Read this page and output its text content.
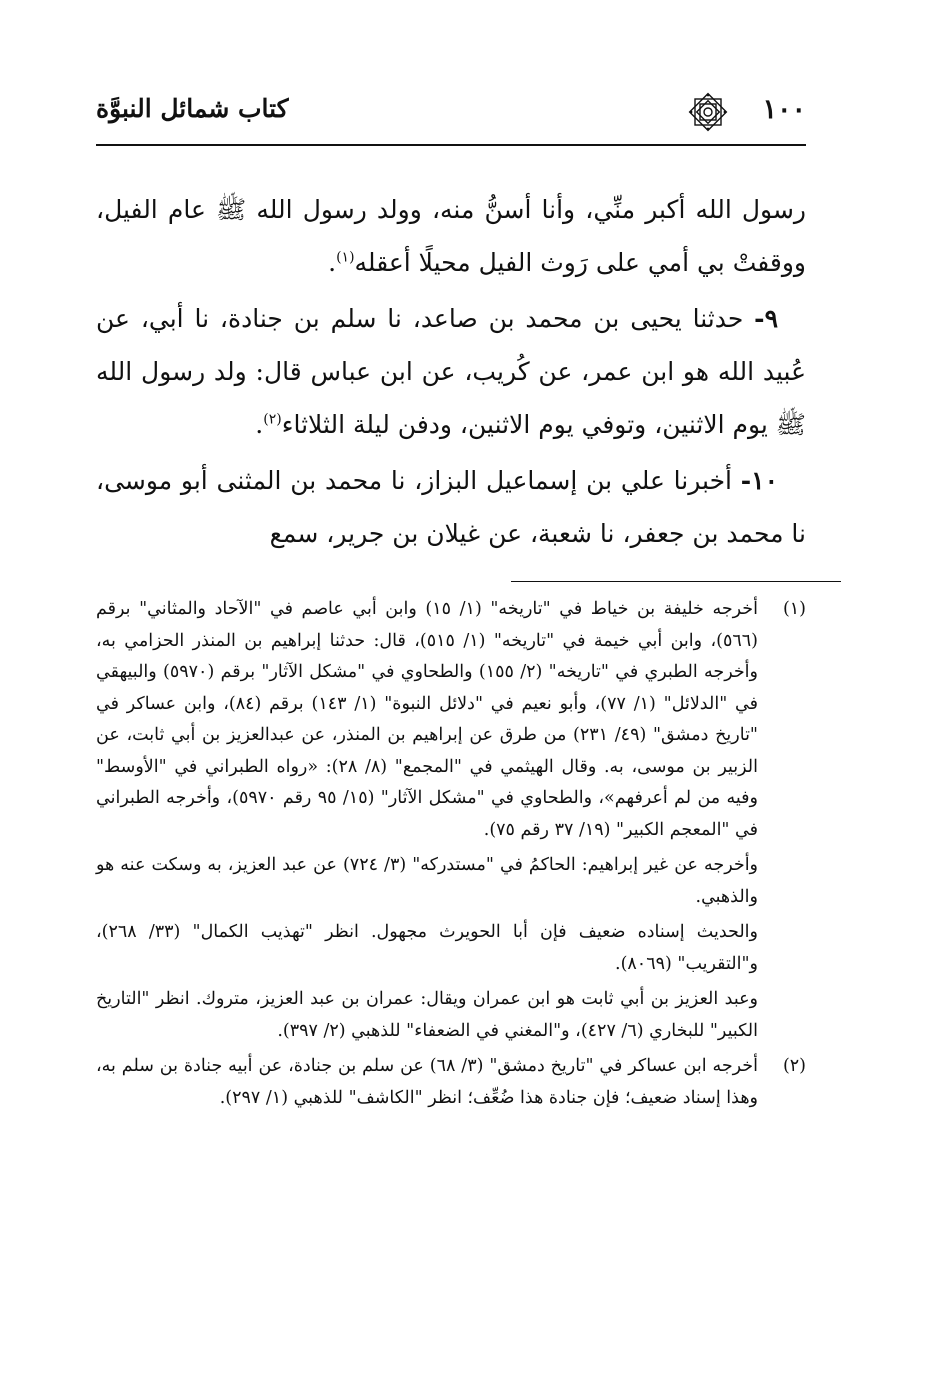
١٠٠
كتاب شمائل النبوَّة

رسول الله أكبر منِّي، وأنا أسنُّ منه، وولد رسول الله ﷺ عام الفيل، ووقفتْ بي أمي على رَوث الفيل محيلًا أعقله$^{(١)}$.

٩- حدثنا يحيى بن محمد بن صاعد، نا سلم بن جنادة، نا أبي، عن عُبيد الله هو ابن عمر، عن كُريب، عن ابن عباس قال: ولد رسول الله ﷺ يوم الاثنين، وتوفي يوم الاثنين، ودفن ليلة الثلاثاء$^{(٢)}$.

١٠- أخبرنا علي بن إسماعيل البزاز، نا محمد بن المثنى أبو موسى، نا محمد بن جعفر، نا شعبة، عن غيلان بن جرير، سمع

(١)

أخرجه خليفة بن خياط في "تاريخه" (١/ ١٥) وابن أبي عاصم في "الآحاد والمثاني" برقم (٥٦٦)، وابن أبي خيمة في "تاريخه" (١/ ٥١٥)، قال: حدثنا إبراهيم بن المنذر الحزامي به، وأخرجه الطبري في "تاريخه" (٢/ ١٥٥) والطحاوي في "مشكل الآثار" برقم (٥٩٧٠) والبيهقي في "الدلائل" (١/ ٧٧)، وأبو نعيم في "دلائل النبوة" (١/ ١٤٣) برقم (٨٤)، وابن عساكر في "تاريخ دمشق" (٤٩/ ٢٣١) من طرق عن إبراهيم بن المنذر، عن عبدالعزيز بن أبي ثابت، عن الزبير بن موسى، به. وقال الهيثمي في "المجمع" (٨/ ٢٨): «رواه الطبراني في "الأوسط" وفيه من لم أعرفهم»، والطحاوي في "مشكل الآثار" (١٥/ ٩٥ رقم ٥٩٧٠)، وأخرجه الطبراني في "المعجم الكبير" (١٩/ ٣٧ رقم ٧٥).

وأخرجه عن غير إبراهيم: الحاكمُ في "مستدركه" (٣/ ٧٢٤) عن عبد العزيز، به وسكت عنه هو والذهبي.

والحديث إسناده ضعيف فإن أبا الحويرث مجهول. انظر "تهذيب الكمال" (٣٣/ ٢٦٨)، و"التقريب" (٨٠٦٩).

وعبد العزيز بن أبي ثابت هو ابن عمران ويقال: عمران بن عبد العزيز، متروك. انظر "التاريخ الكبير" للبخاري (٦/ ٤٢٧)، و"المغني في الضعفاء" للذهبي (٢/ ٣٩٧).

(٢)

أخرجه ابن عساكر في "تاريخ دمشق" (٣/ ٦٨) عن سلم بن جنادة، عن أبيه جنادة بن سلم به، وهذا إسناد ضعيف؛ فإن جنادة هذا ضُعِّف؛ انظر "الكاشف" للذهبي (١/ ٢٩٧).
